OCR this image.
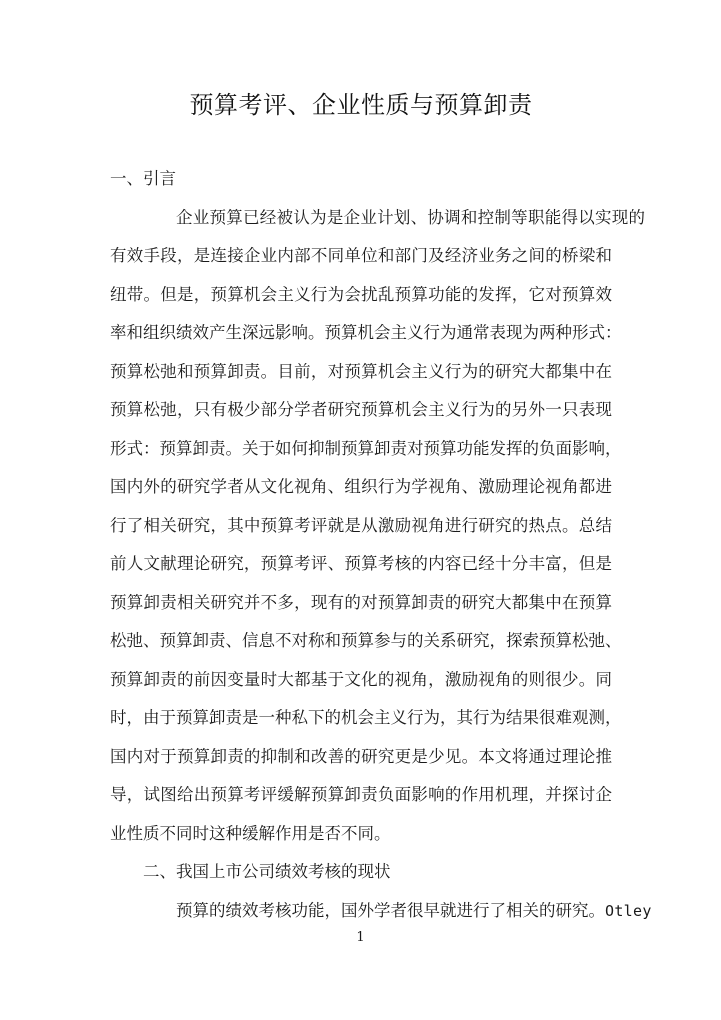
预算考评、企业性质与预算卸责
一、引言
企业预算已经被认为是企业计划、协调和控制等职能得以实现的
有效手段，是连接企业内部不同单位和部门及经济业务之间的桥梁和
纽带。但是，预算机会主义行为会扰乱预算功能的发挥，它对预算效
率和组织绩效产生深远影响。预算机会主义行为通常表现为两种形式：
预算松弛和预算卸责。目前，对预算机会主义行为的研究大都集中在
预算松弛，只有极少部分学者研究预算机会主义行为的另外一只表现
形式：预算卸责。关于如何抑制预算卸责对预算功能发挥的负面影响，
国内外的研究学者从文化视角、组织行为学视角、激励理论视角都进
行了相关研究，其中预算考评就是从激励视角进行研究的热点。总结
前人文献理论研究，预算考评、预算考核的内容已经十分丰富，但是
预算卸责相关研究并不多，现有的对预算卸责的研究大都集中在预算
松弛、预算卸责、信息不对称和预算参与的关系研究，探索预算松弛、
预算卸责的前因变量时大都基于文化的视角，激励视角的则很少。同
时，由于预算卸责是一种私下的机会主义行为，其行为结果很难观测，
国内对于预算卸责的抑制和改善的研究更是少见。本文将通过理论推
导，试图给出预算考评缓解预算卸责负面影响的作用机理，并探讨企
业性质不同时这种缓解作用是否不同。
二、我国上市公司绩效考核的现状
预算的绩效考核功能，国外学者很早就进行了相关的研究。Otley
1
